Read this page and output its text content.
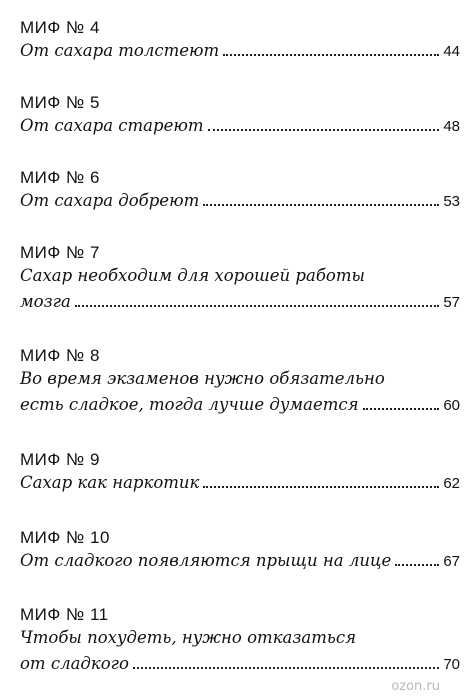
МИФ № 4
От сахара толстеют	44
МИФ № 5
От сахара стареют	48
МИФ № 6
От сахара добреют	53
МИФ № 7
Сахар необходим для хорошей работы
мозга	57
МИФ № 8
Во время экзаменов нужно обязательно
есть сладкое, тогда лучше думается	60
МИФ № 9
Сахар как наркотик	62
МИФ № 10
От сладкого появляются прыщи на лице	67
МИФ № 11
Чтобы похудеть, нужно отказаться
от сладкого	70
ozon.ru
